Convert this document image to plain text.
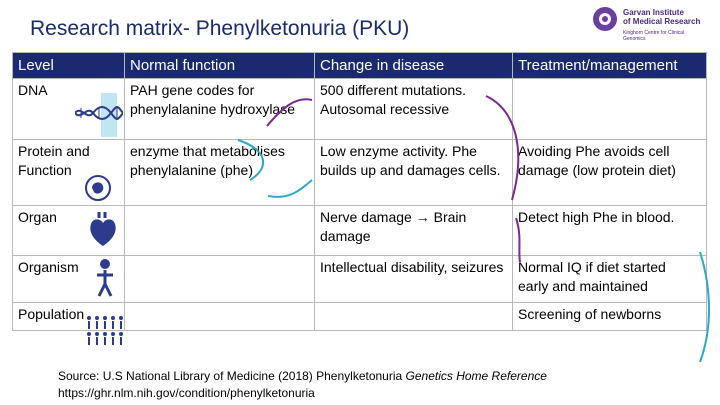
Research matrix- Phenylketonuria (PKU)
Garvan Institute
of Medical Research
Kinghorn Centre for Clinical Genomics
Level	Normal function	Change in disease	Treatment/management
DNA	PAH gene codes for phenylalanine hydroxylase	500 different mutations. Autosomal recessive	
Protein and Function	enzyme that metabolises phenylalanine (phe)	Low enzyme activity. Phe builds up and damages cells.	Avoiding Phe avoids cell damage (low protein diet)
Organ		Nerve damage → Brain damage	Detect high Phe in blood.
Organism		Intellectual disability, seizures	Normal IQ if diet started early and maintained
Population			Screening of newborns
Source: U.S National Library of Medicine (2018) Phenylketonuria Genetics Home Reference
https://ghr.nlm.nih.gov/condition/phenylketonuria
